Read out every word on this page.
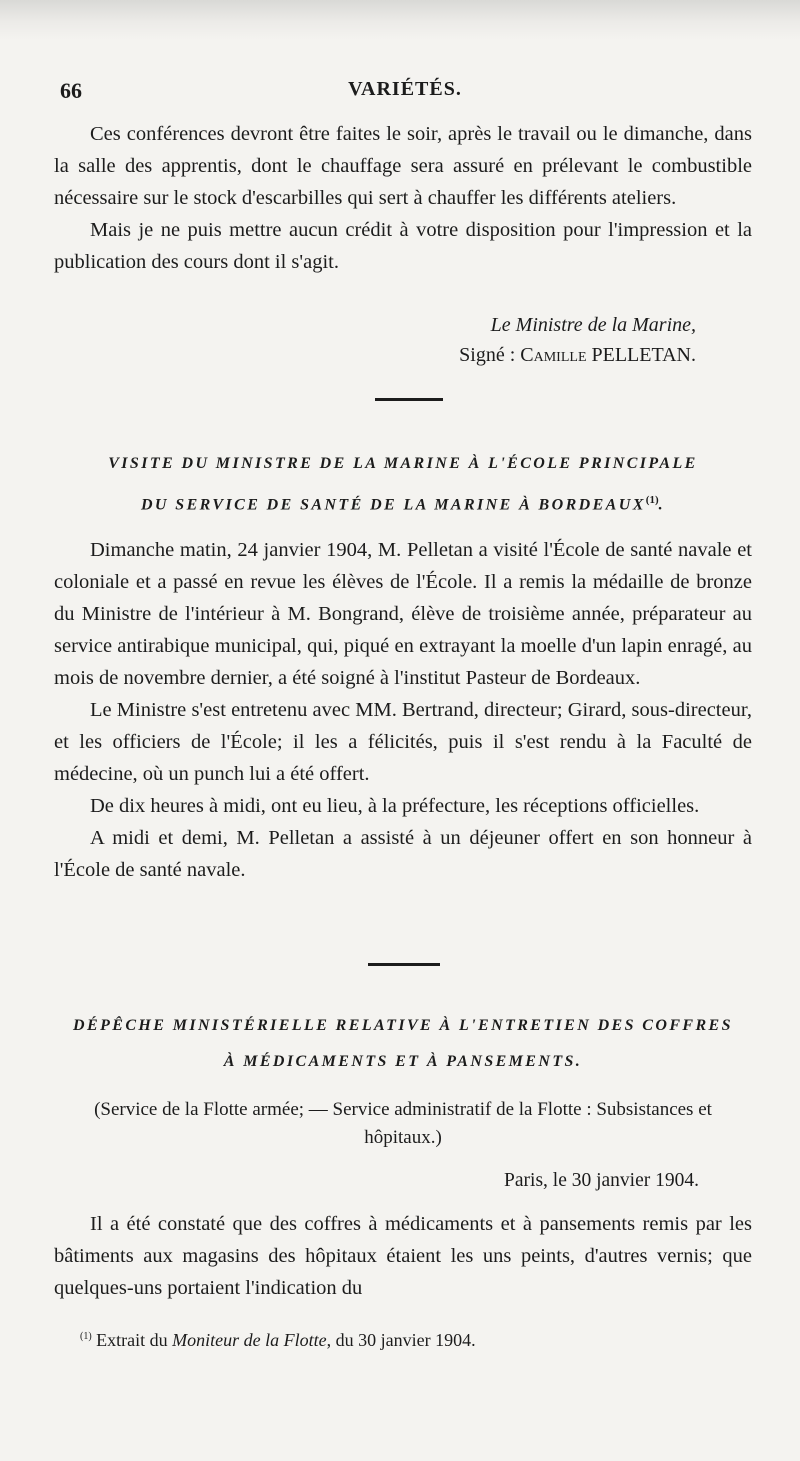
66	VARIÉTÉS.

Ces conférences devront être faites le soir, après le travail ou le dimanche, dans la salle des apprentis, dont le chauffage sera assuré en prélevant le combustible nécessaire sur le stock d'escarbilles qui sert à chauffer les différents ateliers.

Mais je ne puis mettre aucun crédit à votre disposition pour l'impression et la publication des cours dont il s'agit.

Le Ministre de la Marine,
Signé : Camille PELLETAN.
VISITE DU MINISTRE DE LA MARINE À L'ÉCOLE PRINCIPALE
DU SERVICE DE SANTÉ DE LA MARINE À BORDEAUX$^{(1)}$.

Dimanche matin, 24 janvier 1904, M. Pelletan a visité l'École de santé navale et coloniale et a passé en revue les élèves de l'École. Il a remis la médaille de bronze du Ministre de l'intérieur à M. Bongrand, élève de troisième année, préparateur au service antirabique municipal, qui, piqué en extrayant la moelle d'un lapin enragé, au mois de novembre dernier, a été soigné à l'institut Pasteur de Bordeaux.

Le Ministre s'est entretenu avec MM. Bertrand, directeur; Girard, sous-directeur, et les officiers de l'École; il les a félicités, puis il s'est rendu à la Faculté de médecine, où un punch lui a été offert.

De dix heures à midi, ont eu lieu, à la préfecture, les réceptions officielles.

A midi et demi, M. Pelletan a assisté à un déjeuner offert en son honneur à l'École de santé navale.

DÉPÊCHE MINISTÉRIELLE RELATIVE À L'ENTRETIEN DES COFFRES
À MÉDICAMENTS ET À PANSEMENTS.
(Service de la Flotte armée; — Service administratif de la Flotte : Subsistances et hôpitaux.)
Paris, le 30 janvier 1904.

Il a été constaté que des coffres à médicaments et à pansements remis par les bâtiments aux magasins des hôpitaux étaient les uns peints, d'autres vernis; que quelques-uns portaient l'indication du

$^{(1)}$ Extrait du Moniteur de la Flotte, du 30 janvier 1904.
